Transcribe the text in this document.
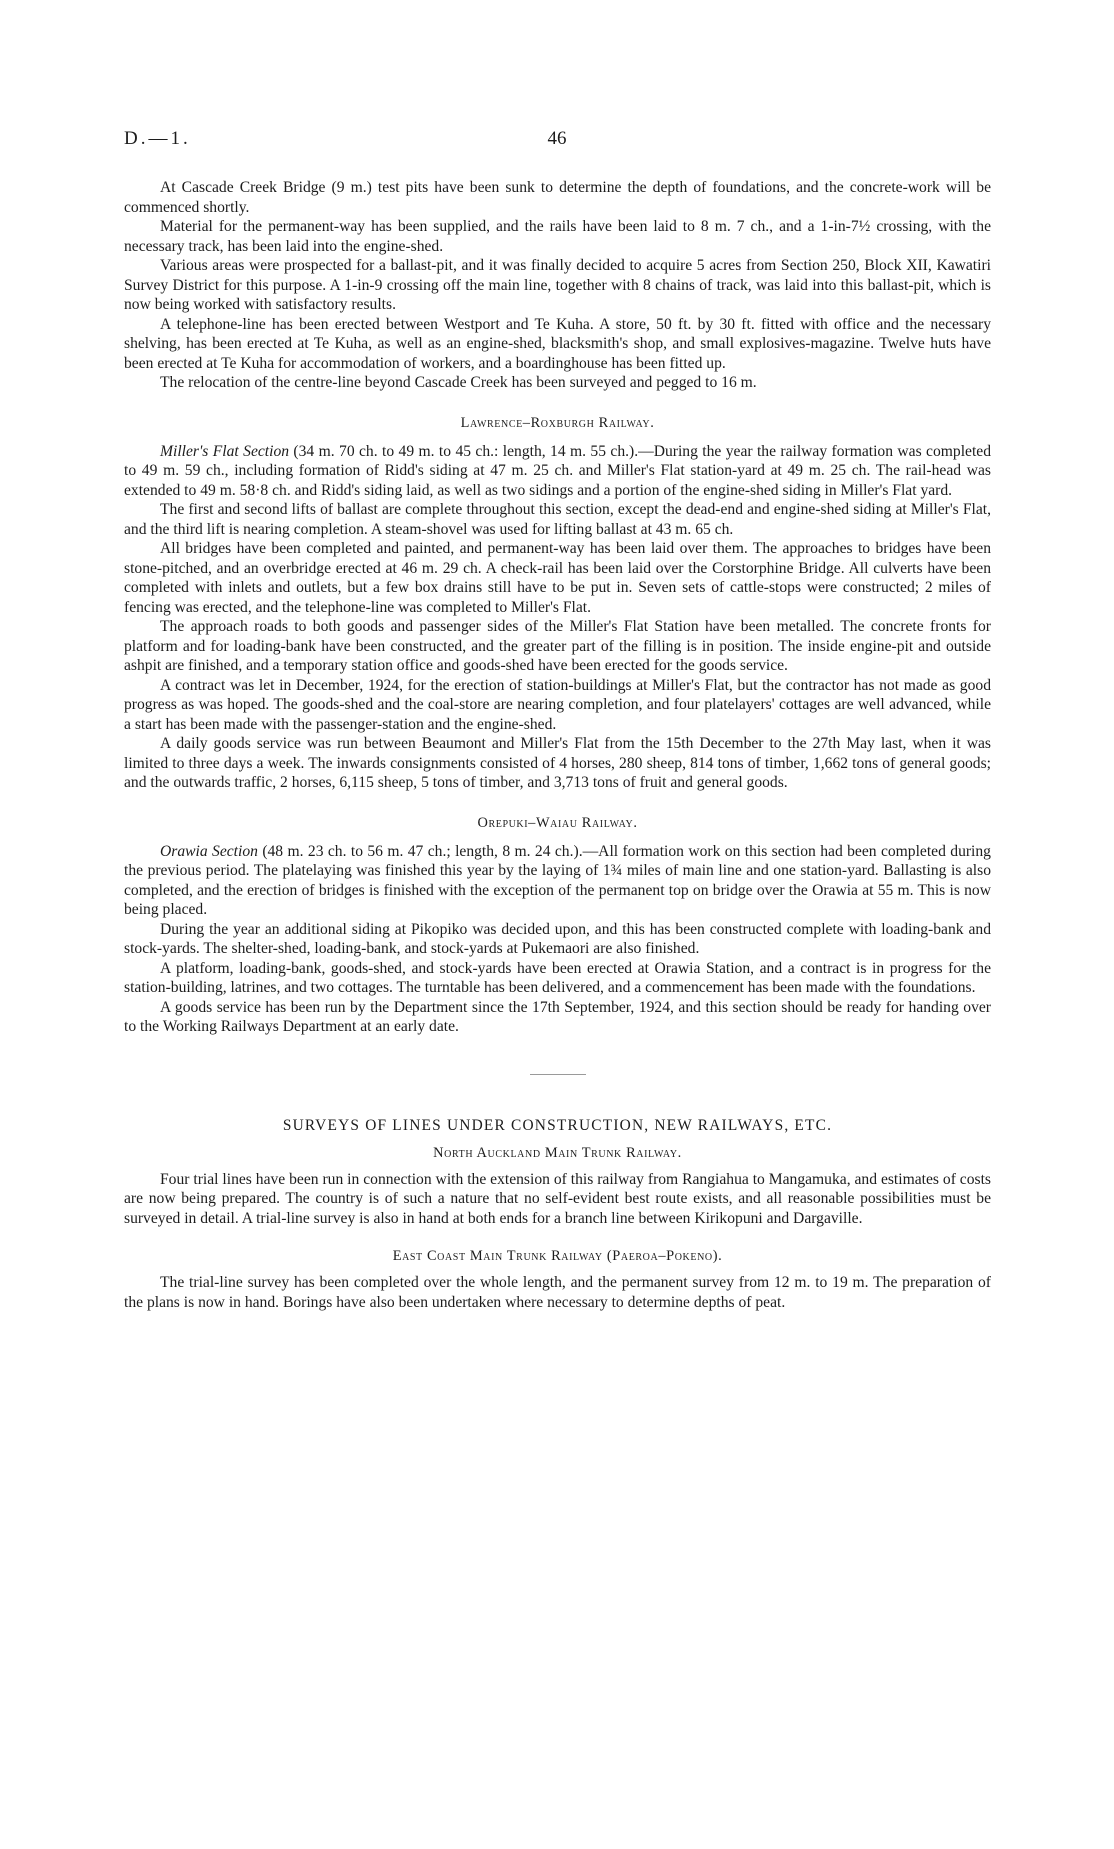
D.—1.	46

At Cascade Creek Bridge (9 m.) test pits have been sunk to determine the depth of foundations, and the concrete-work will be commenced shortly.

Material for the permanent-way has been supplied, and the rails have been laid to 8 m. 7 ch., and a 1-in-7½ crossing, with the necessary track, has been laid into the engine-shed.

Various areas were prospected for a ballast-pit, and it was finally decided to acquire 5 acres from Section 250, Block XII, Kawatiri Survey District for this purpose. A 1-in-9 crossing off the main line, together with 8 chains of track, was laid into this ballast-pit, which is now being worked with satisfactory results.

A telephone-line has been erected between Westport and Te Kuha. A store, 50 ft. by 30 ft. fitted with office and the necessary shelving, has been erected at Te Kuha, as well as an engine-shed, blacksmith's shop, and small explosives-magazine. Twelve huts have been erected at Te Kuha for accommodation of workers, and a boardinghouse has been fitted up.

The relocation of the centre-line beyond Cascade Creek has been surveyed and pegged to 16 m.

Lawrence–Roxburgh Railway.

Miller's Flat Section (34 m. 70 ch. to 49 m. to 45 ch.: length, 14 m. 55 ch.).—During the year the railway formation was completed to 49 m. 59 ch., including formation of Ridd's siding at 47 m. 25 ch. and Miller's Flat station-yard at 49 m. 25 ch. The rail-head was extended to 49 m. 58·8 ch. and Ridd's siding laid, as well as two sidings and a portion of the engine-shed siding in Miller's Flat yard.

The first and second lifts of ballast are complete throughout this section, except the dead-end and engine-shed siding at Miller's Flat, and the third lift is nearing completion. A steam-shovel was used for lifting ballast at 43 m. 65 ch.

All bridges have been completed and painted, and permanent-way has been laid over them. The approaches to bridges have been stone-pitched, and an overbridge erected at 46 m. 29 ch. A check-rail has been laid over the Corstorphine Bridge. All culverts have been completed with inlets and outlets, but a few box drains still have to be put in. Seven sets of cattle-stops were constructed; 2 miles of fencing was erected, and the telephone-line was completed to Miller's Flat.

The approach roads to both goods and passenger sides of the Miller's Flat Station have been metalled. The concrete fronts for platform and for loading-bank have been constructed, and the greater part of the filling is in position. The inside engine-pit and outside ashpit are finished, and a temporary station office and goods-shed have been erected for the goods service.

A contract was let in December, 1924, for the erection of station-buildings at Miller's Flat, but the contractor has not made as good progress as was hoped. The goods-shed and the coal-store are nearing completion, and four platelayers' cottages are well advanced, while a start has been made with the passenger-station and the engine-shed.

A daily goods service was run between Beaumont and Miller's Flat from the 15th December to the 27th May last, when it was limited to three days a week. The inwards consignments consisted of 4 horses, 280 sheep, 814 tons of timber, 1,662 tons of general goods; and the outwards traffic, 2 horses, 6,115 sheep, 5 tons of timber, and 3,713 tons of fruit and general goods.

Orepuki–Waiau Railway.

Orawia Section (48 m. 23 ch. to 56 m. 47 ch.; length, 8 m. 24 ch.).—All formation work on this section had been completed during the previous period. The platelaying was finished this year by the laying of 1¾ miles of main line and one station-yard. Ballasting is also completed, and the erection of bridges is finished with the exception of the permanent top on bridge over the Orawia at 55 m. This is now being placed.

During the year an additional siding at Pikopiko was decided upon, and this has been constructed complete with loading-bank and stock-yards. The shelter-shed, loading-bank, and stock-yards at Pukemaori are also finished.

A platform, loading-bank, goods-shed, and stock-yards have been erected at Orawia Station, and a contract is in progress for the station-building, latrines, and two cottages. The turntable has been delivered, and a commencement has been made with the foundations.

A goods service has been run by the Department since the 17th September, 1924, and this section should be ready for handing over to the Working Railways Department at an early date.

SURVEYS OF LINES UNDER CONSTRUCTION, NEW RAILWAYS, ETC.
North Auckland Main Trunk Railway.

Four trial lines have been run in connection with the extension of this railway from Rangiahua to Mangamuka, and estimates of costs are now being prepared. The country is of such a nature that no self-evident best route exists, and all reasonable possibilities must be surveyed in detail. A trial-line survey is also in hand at both ends for a branch line between Kirikopuni and Dargaville.

East Coast Main Trunk Railway (Paeroa–Pokeno).

The trial-line survey has been completed over the whole length, and the permanent survey from 12 m. to 19 m. The preparation of the plans is now in hand. Borings have also been undertaken where necessary to determine depths of peat.
